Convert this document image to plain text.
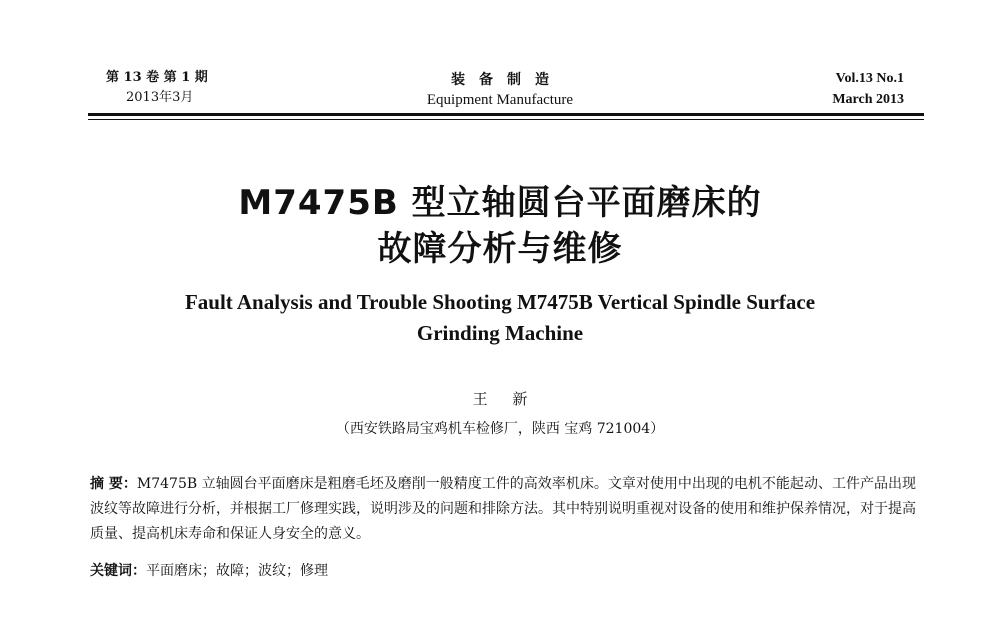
第 13 卷 第 1 期
2013年3月
装备制造
Equipment Manufacture
Vol.13 No.1
March 2013
M7475B 型立轴圆台平面磨床的
故障分析与维修
Fault Analysis and Trouble Shooting M7475B Vertical Spindle Surface
Grinding Machine
王 新
（西安铁路局宝鸡机车检修厂，陕西 宝鸡 721004）
摘 要：M7475B 立轴圆台平面磨床是粗磨毛坯及磨削一般精度工件的高效率机床。文章对使用中出现的电机不能起动、工件产品出现波纹等故障进行分析，并根据工厂修理实践，说明涉及的问题和排除方法。其中特别说明重视对设备的使用和维护保养情况，对于提高质量、提高机床寿命和保证人身安全的意义。
关键词：平面磨床；故障；波纹；修理
